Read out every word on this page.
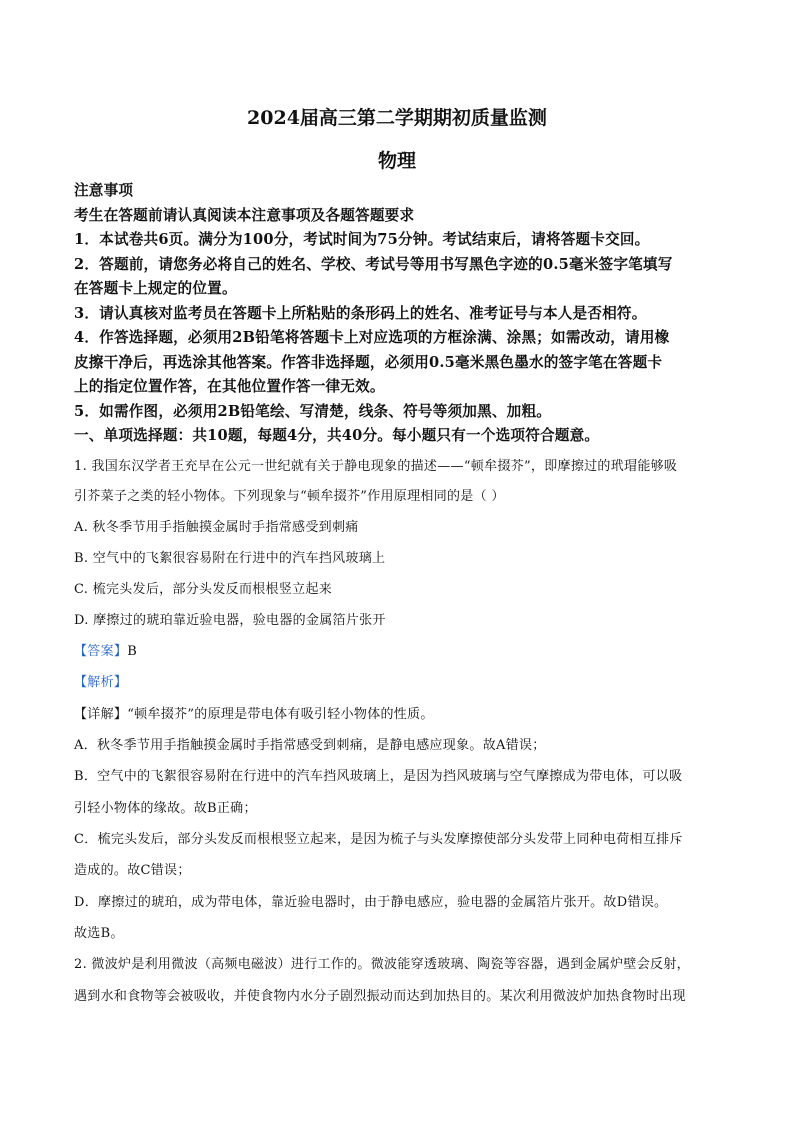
2024届高三第二学期期初质量监测
物理
注意事项
考生在答题前请认真阅读本注意事项及各题答题要求
1．本试卷共6页。满分为100分，考试时间为75分钟。考试结束后，请将答题卡交回。
2．答题前，请您务必将自己的姓名、学校、考试号等用书写黑色字迹的0.5毫米签字笔填写
在答题卡上规定的位置。
3．请认真核对监考员在答题卡上所粘贴的条形码上的姓名、准考证号与本人是否相符。
4．作答选择题，必须用2B铅笔将答题卡上对应选项的方框涂满、涂黑；如需改动，请用橡
皮擦干净后，再选涂其他答案。作答非选择题，必须用0.5毫米黑色墨水的签字笔在答题卡
上的指定位置作答，在其他位置作答一律无效。
5．如需作图，必须用2B铅笔绘、写清楚，线条、符号等须加黑、加粗。
一、单项选择题：共10题，每题4分，共40分。每小题只有一个选项符合题意。
1. 我国东汉学者王充早在公元一世纪就有关于静电现象的描述——“顿牟掇芥”，即摩擦过的玳瑁能够吸
引芥菜子之类的轻小物体。下列现象与“顿牟掇芥”作用原理相同的是（ ）
A. 秋冬季节用手指触摸金属时手指常感受到刺痛
B. 空气中的飞絮很容易附在行进中的汽车挡风玻璃上
C. 梳完头发后，部分头发反而根根竖立起来
D. 摩擦过的琥珀靠近验电器，验电器的金属箔片张开
【答案】B
【解析】
【详解】“顿牟掇芥”的原理是带电体有吸引轻小物体的性质。
A．秋冬季节用手指触摸金属时手指常感受到刺痛，是静电感应现象。故A错误；
B．空气中的飞絮很容易附在行进中的汽车挡风玻璃上，是因为挡风玻璃与空气摩擦成为带电体，可以吸
引轻小物体的缘故。故B正确；
C．梳完头发后，部分头发反而根根竖立起来，是因为梳子与头发摩擦使部分头发带上同种电荷相互排斥
造成的。故C错误；
D．摩擦过的琥珀，成为带电体，靠近验电器时，由于静电感应，验电器的金属箔片张开。故D错误。
故选B。
2. 微波炉是利用微波（高频电磁波）进行工作的。微波能穿透玻璃、陶瓷等容器，遇到金属炉壁会反射，
遇到水和食物等会被吸收，并使食物内水分子剧烈振动而达到加热目的。某次利用微波炉加热食物时出现
